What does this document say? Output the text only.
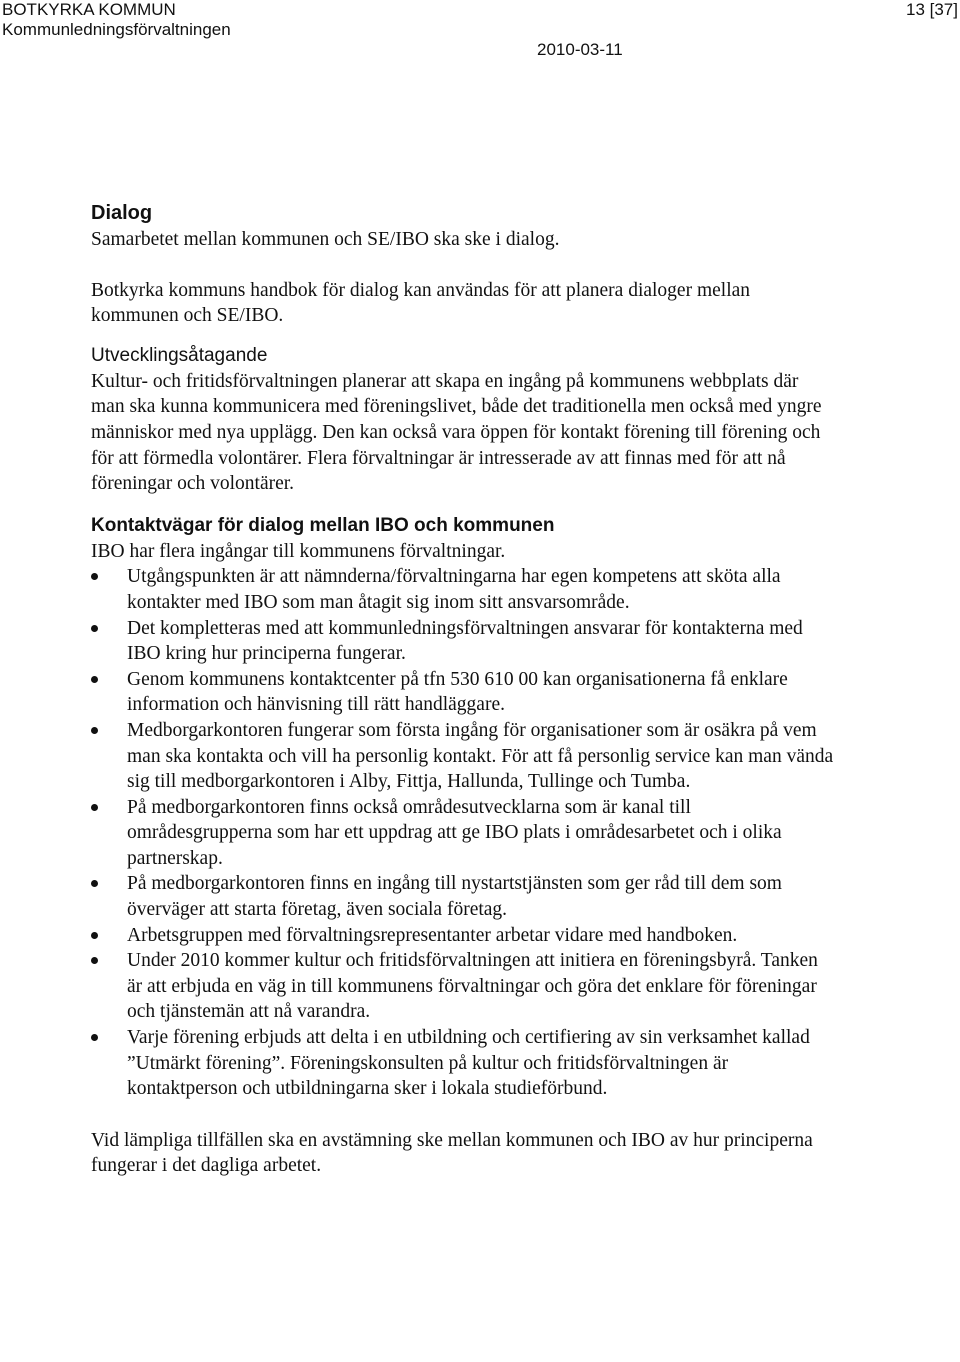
BOTKYRKA KOMMUN
Kommunledningsförvaltningen
13 [37]
2010-03-11
Dialog

Samarbetet mellan kommunen och SE/IBO ska ske i dialog.

Botkyrka kommuns handbok för dialog kan användas för att planera dialoger mellan kommunen och SE/IBO.

Utvecklingsåtagande

Kultur- och fritidsförvaltningen planerar att skapa en ingång på kommunens webbplats där man ska kunna kommunicera med föreningslivet, både det traditionella men också med yngre människor med nya upplägg. Den kan också vara öppen för kontakt förening till förening och för att förmedla volontärer. Flera förvaltningar är intresserade av att finnas med för att nå föreningar och volontärer.

Kontaktvägar för dialog mellan IBO och kommunen

IBO har flera ingångar till kommunens förvaltningar.

Utgångspunkten är att nämnderna/förvaltningarna har egen kompetens att sköta alla kontakter med IBO som man åtagit sig inom sitt ansvarsområde.
Det kompletteras med att kommunledningsförvaltningen ansvarar för kontakterna med IBO kring hur principerna fungerar.
Genom kommunens kontaktcenter på tfn 530 610 00 kan organisationerna få enklare information och hänvisning till rätt handläggare.
Medborgarkontoren fungerar som första ingång för organisationer som är osäkra på vem man ska kontakta och vill ha personlig kontakt. För att få personlig service kan man vända sig till medborgarkontoren i Alby, Fittja, Hallunda, Tullinge och Tumba.
På medborgarkontoren finns också områdesutvecklarna som är kanal till områdesgrupperna som har ett uppdrag att ge IBO plats i områdesarbetet och i olika partnerskap.
På medborgarkontoren finns en ingång till nystartstjänsten som ger råd till dem som överväger att starta företag, även sociala företag.
Arbetsgruppen med förvaltningsrepresentanter arbetar vidare med handboken.
Under 2010 kommer kultur och fritidsförvaltningen att initiera en föreningsbyrå. Tanken är att erbjuda en väg in till kommunens förvaltningar och göra det enklare för föreningar och tjänstemän att nå varandra.
Varje förening erbjuds att delta i en utbildning och certifiering av sin verksamhet kallad ”Utmärkt förening”. Föreningskonsulten på kultur och fritidsförvaltningen är kontaktperson och utbildningarna sker i lokala studieförbund.

Vid lämpliga tillfällen ska en avstämning ske mellan kommunen och IBO av hur principerna fungerar i det dagliga arbetet.
